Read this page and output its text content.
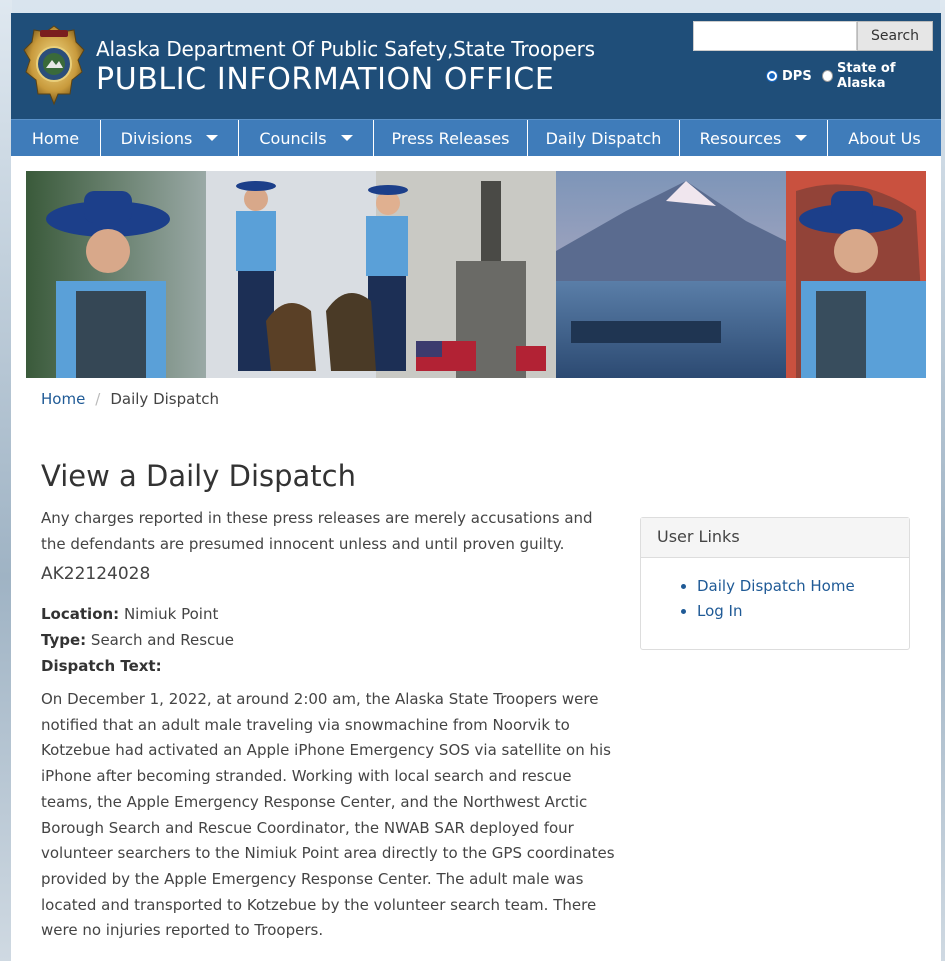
Alaska Department Of Public Safety,State Troopers
PUBLIC INFORMATION OFFICE
Search
DPS State of Alaska
Home	Divisions	Councils	Press Releases Daily Dispatch Resources	About Us
Home / Daily Dispatch
View a Daily Dispatch

Any charges reported in these press releases are merely accusations and the defendants are presumed innocent unless and until proven guilty.

AK22124028
Location: Nimiuk Point
Type: Search and Rescue
Dispatch Text:

On December 1, 2022, at around 2:00 am, the Alaska State Troopers were notified that an adult male traveling via snowmachine from Noorvik to Kotzebue had activated an Apple iPhone Emergency SOS via satellite on his iPhone after becoming stranded. Working with local search and rescue teams, the Apple Emergency Response Center, and the Northwest Arctic Borough Search and Rescue Coordinator, the NWAB SAR deployed four volunteer searchers to the Nimiuk Point area directly to the GPS coordinates provided by the Apple Emergency Response Center. The adult male was located and transported to Kotzebue by the volunteer search team. There were no injuries reported to Troopers.

User Links
• Daily Dispatch Home
• Log In
